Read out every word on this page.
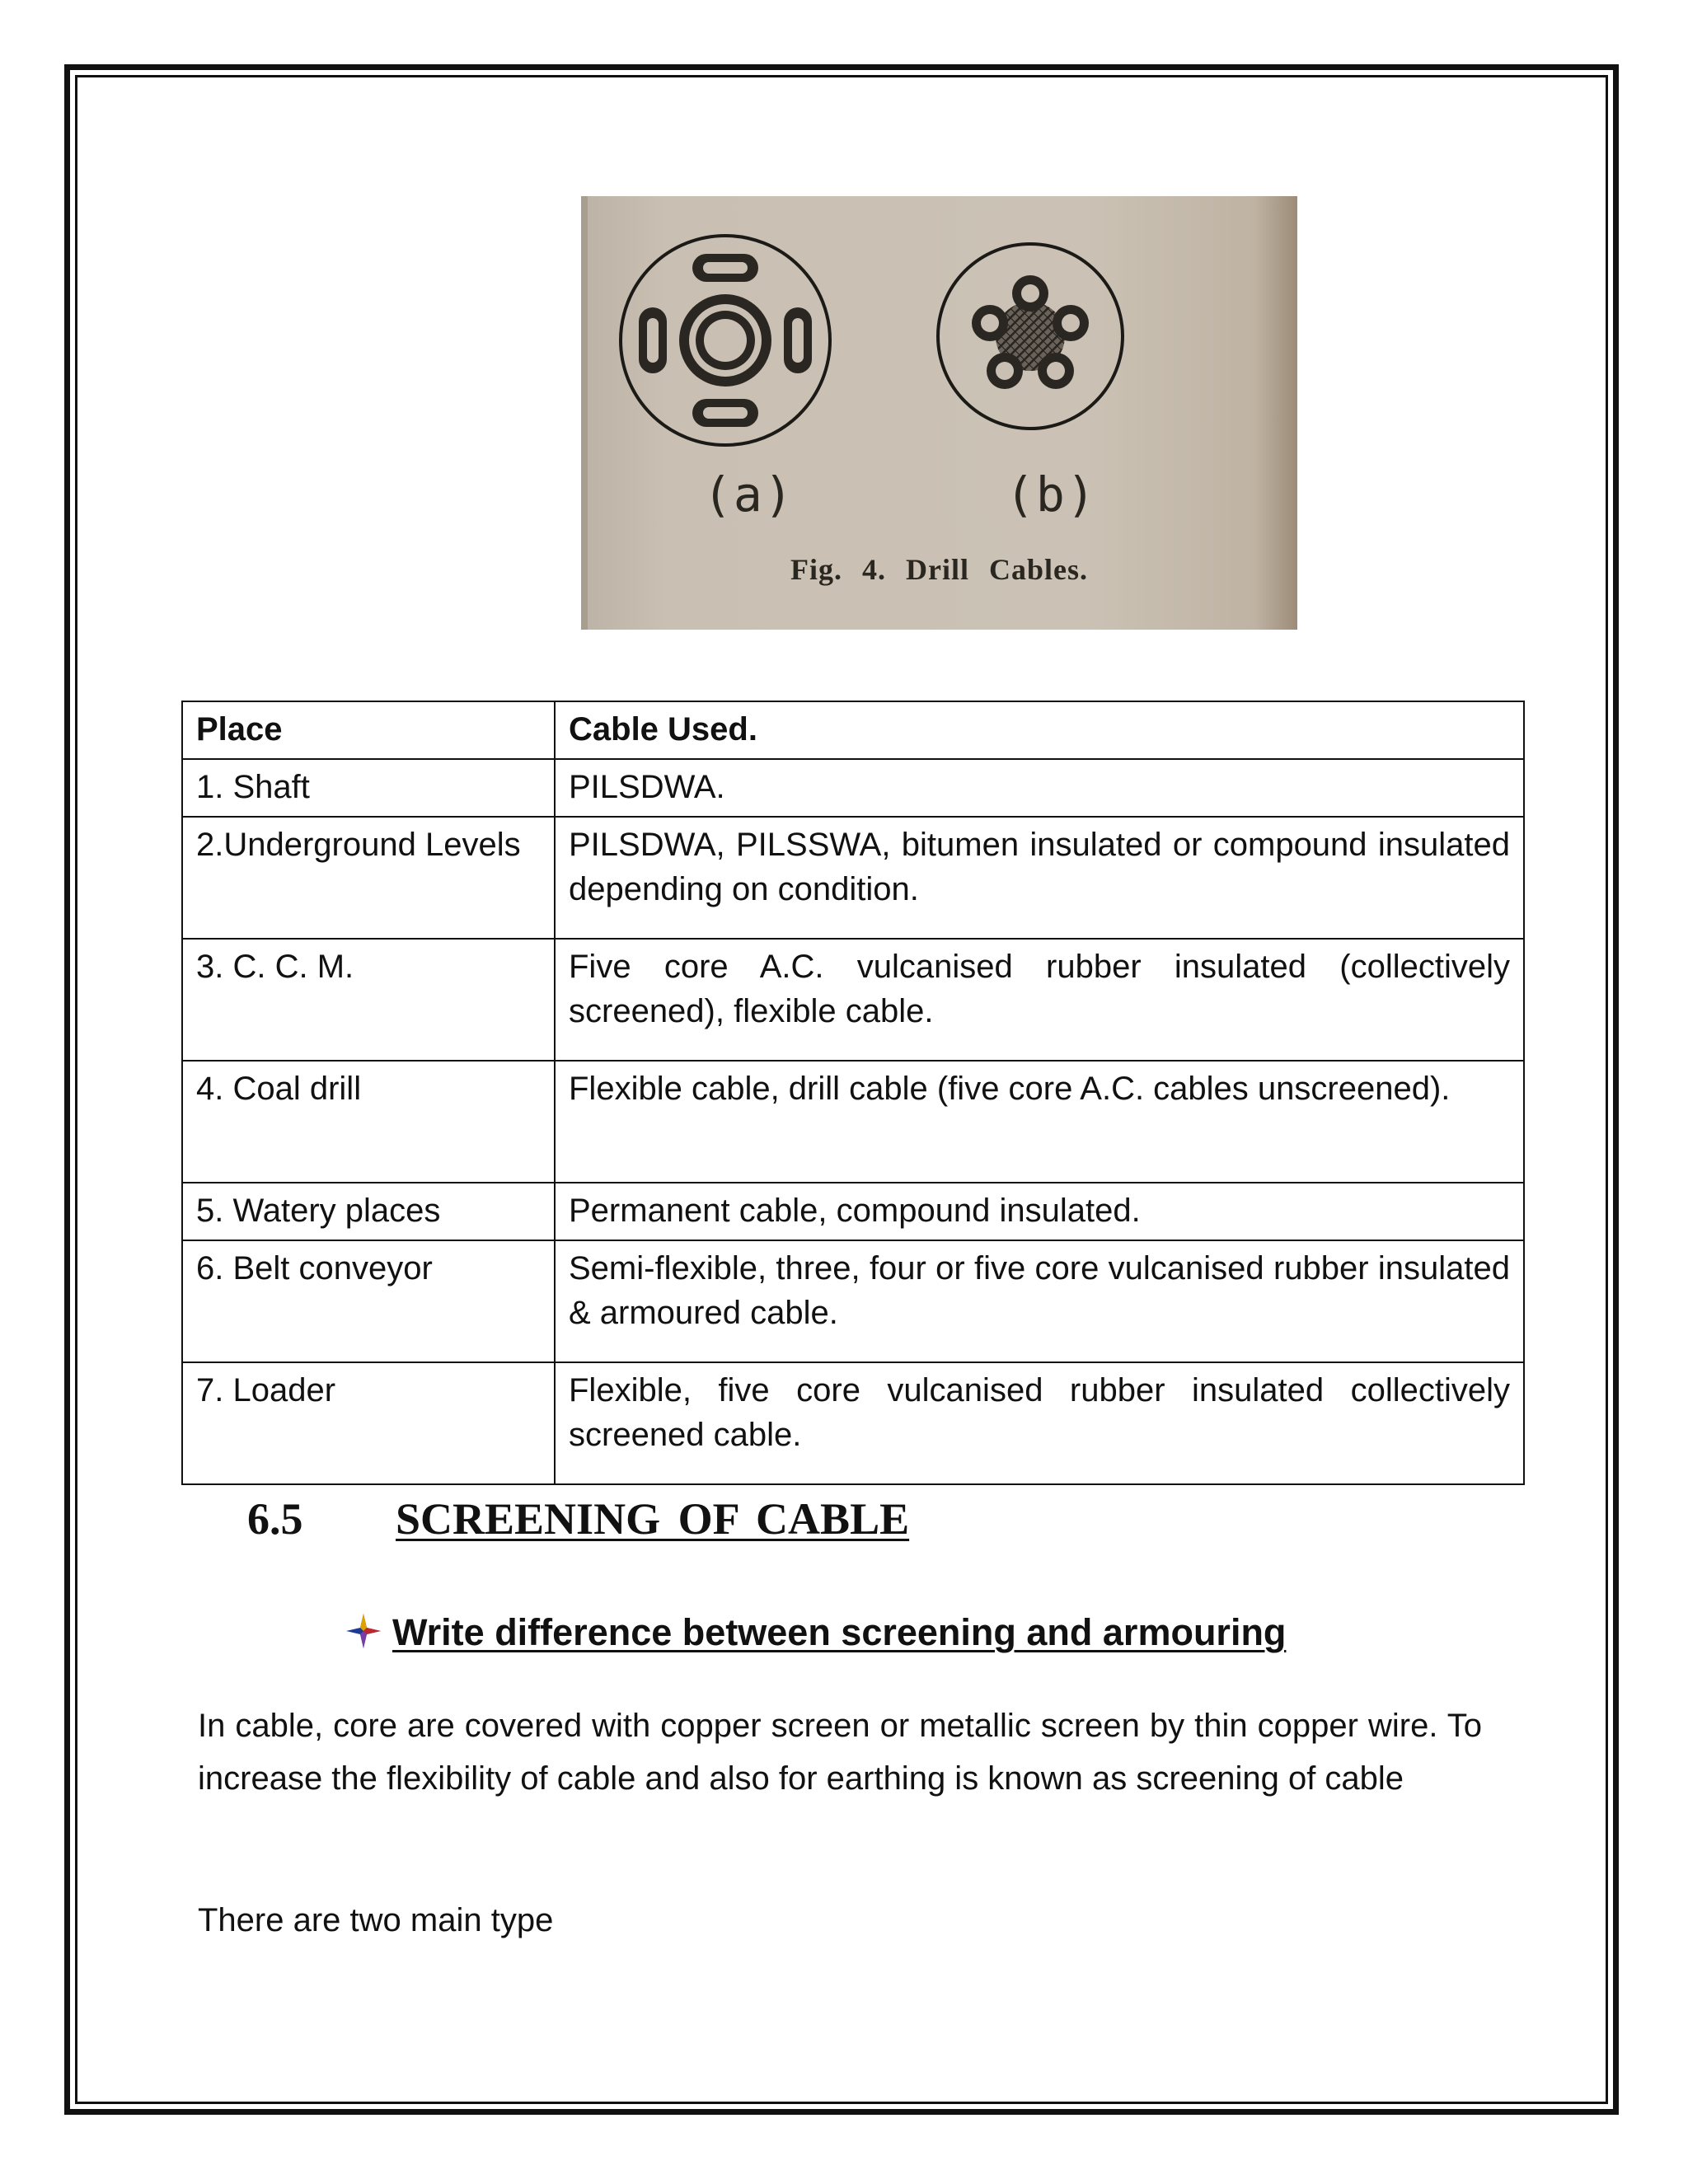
(a)	(b)
Fig. 4. Drill Cables.
Place	Cable Used.
1. Shaft	PILSDWA.
2.Underground Levels	PILSDWA, PILSSWA, bitumen insulated or compound insulated depending on condition.
3. C. C. M.	Five core A.C. vulcanised rubber insulated (collectively screened), flexible cable.
4. Coal drill	Flexible cable, drill cable (five core A.C. cables unscreened).
5. Watery places	Permanent cable, compound insulated.
6. Belt conveyor	Semi-flexible, three, four or five core vulcanised rubber insulated & armoured cable.
7. Loader	Flexible, five core vulcanised rubber insulated collectively screened cable.
6.5 SCREENING OF CABLE
Write difference between screening and armouring
In cable, core are covered with copper screen or metallic screen by thin copper wire. To increase the flexibility of cable and also for earthing is known as screening of cable
There are two main type
